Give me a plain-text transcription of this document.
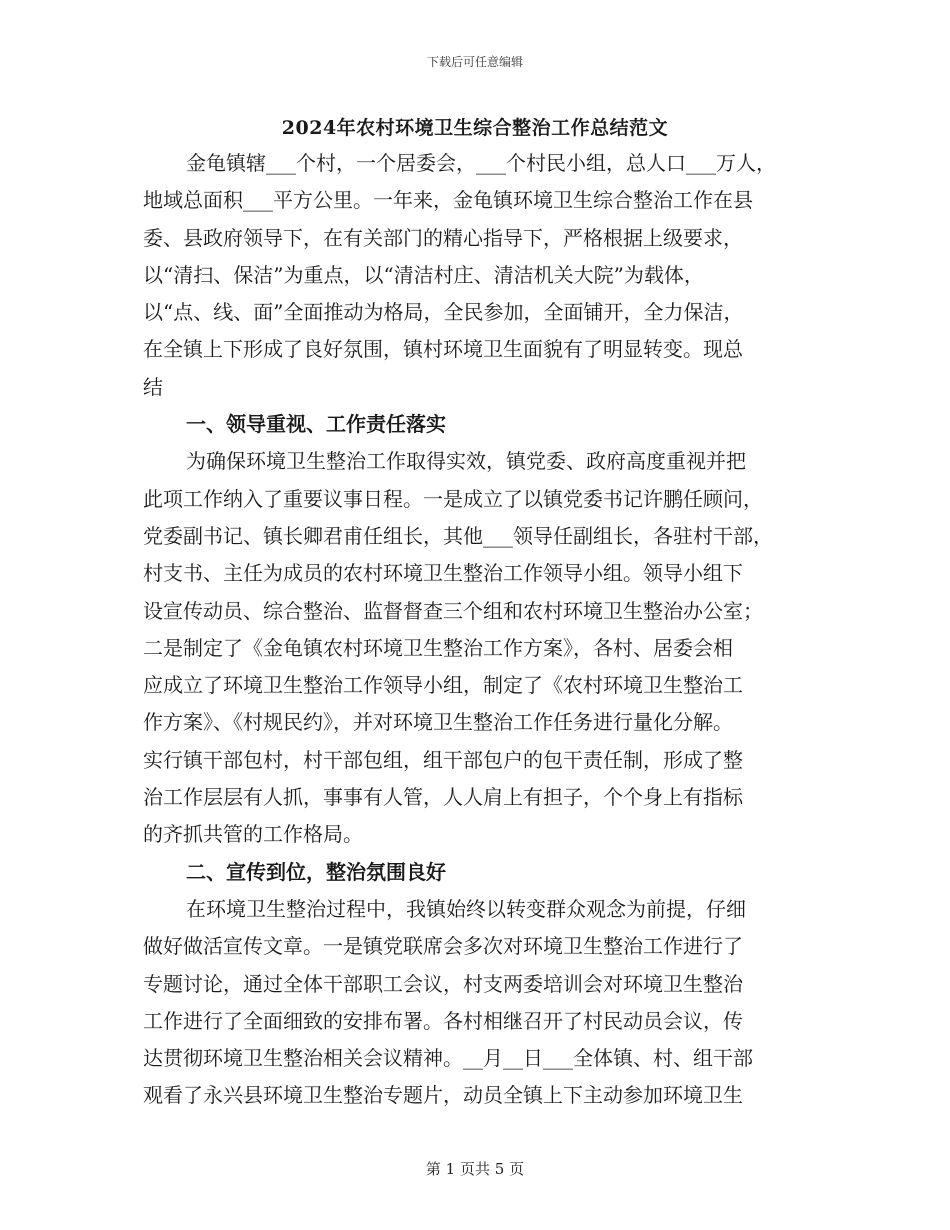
下载后可任意编辑
2024年农村环境卫生综合整治工作总结范文
金龟镇辖___个村，一个居委会，___个村民小组，总人口___万人，
地域总面积___平方公里。一年来，金龟镇环境卫生综合整治工作在县
委、县政府领导下，在有关部门的精心指导下，严格根据上级要求，
以“清扫、保洁”为重点，以“清洁村庄、清洁机关大院”为载体，
以“点、线、面”全面推动为格局，全民参加，全面铺开，全力保洁，
在全镇上下形成了良好氛围，镇村环境卫生面貌有了明显转变。现总
结
一、领导重视、工作责任落实
为确保环境卫生整治工作取得实效，镇党委、政府高度重视并把
此项工作纳入了重要议事日程。一是成立了以镇党委书记许鹏任顾问，
党委副书记、镇长卿君甫任组长，其他___领导任副组长，各驻村干部，
村支书、主任为成员的农村环境卫生整治工作领导小组。领导小组下
设宣传动员、综合整治、监督督查三个组和农村环境卫生整治办公室；
二是制定了《金龟镇农村环境卫生整治工作方案》，各村、居委会相
应成立了环境卫生整治工作领导小组，制定了《农村环境卫生整治工
作方案》、《村规民约》，并对环境卫生整治工作任务进行量化分解。
实行镇干部包村，村干部包组，组干部包户的包干责任制，形成了整
治工作层层有人抓，事事有人管，人人肩上有担子，个个身上有指标
的齐抓共管的工作格局。
二、宣传到位，整治氛围良好
在环境卫生整治过程中，我镇始终以转变群众观念为前提，仔细
做好做活宣传文章。一是镇党联席会多次对环境卫生整治工作进行了
专题讨论，通过全体干部职工会议，村支两委培训会对环境卫生整治
工作进行了全面细致的安排布署。各村相继召开了村民动员会议，传
达贯彻环境卫生整治相关会议精神。__月__日___全体镇、村、组干部
观看了永兴县环境卫生整治专题片，动员全镇上下主动参加环境卫生
第 1 页共 5 页
